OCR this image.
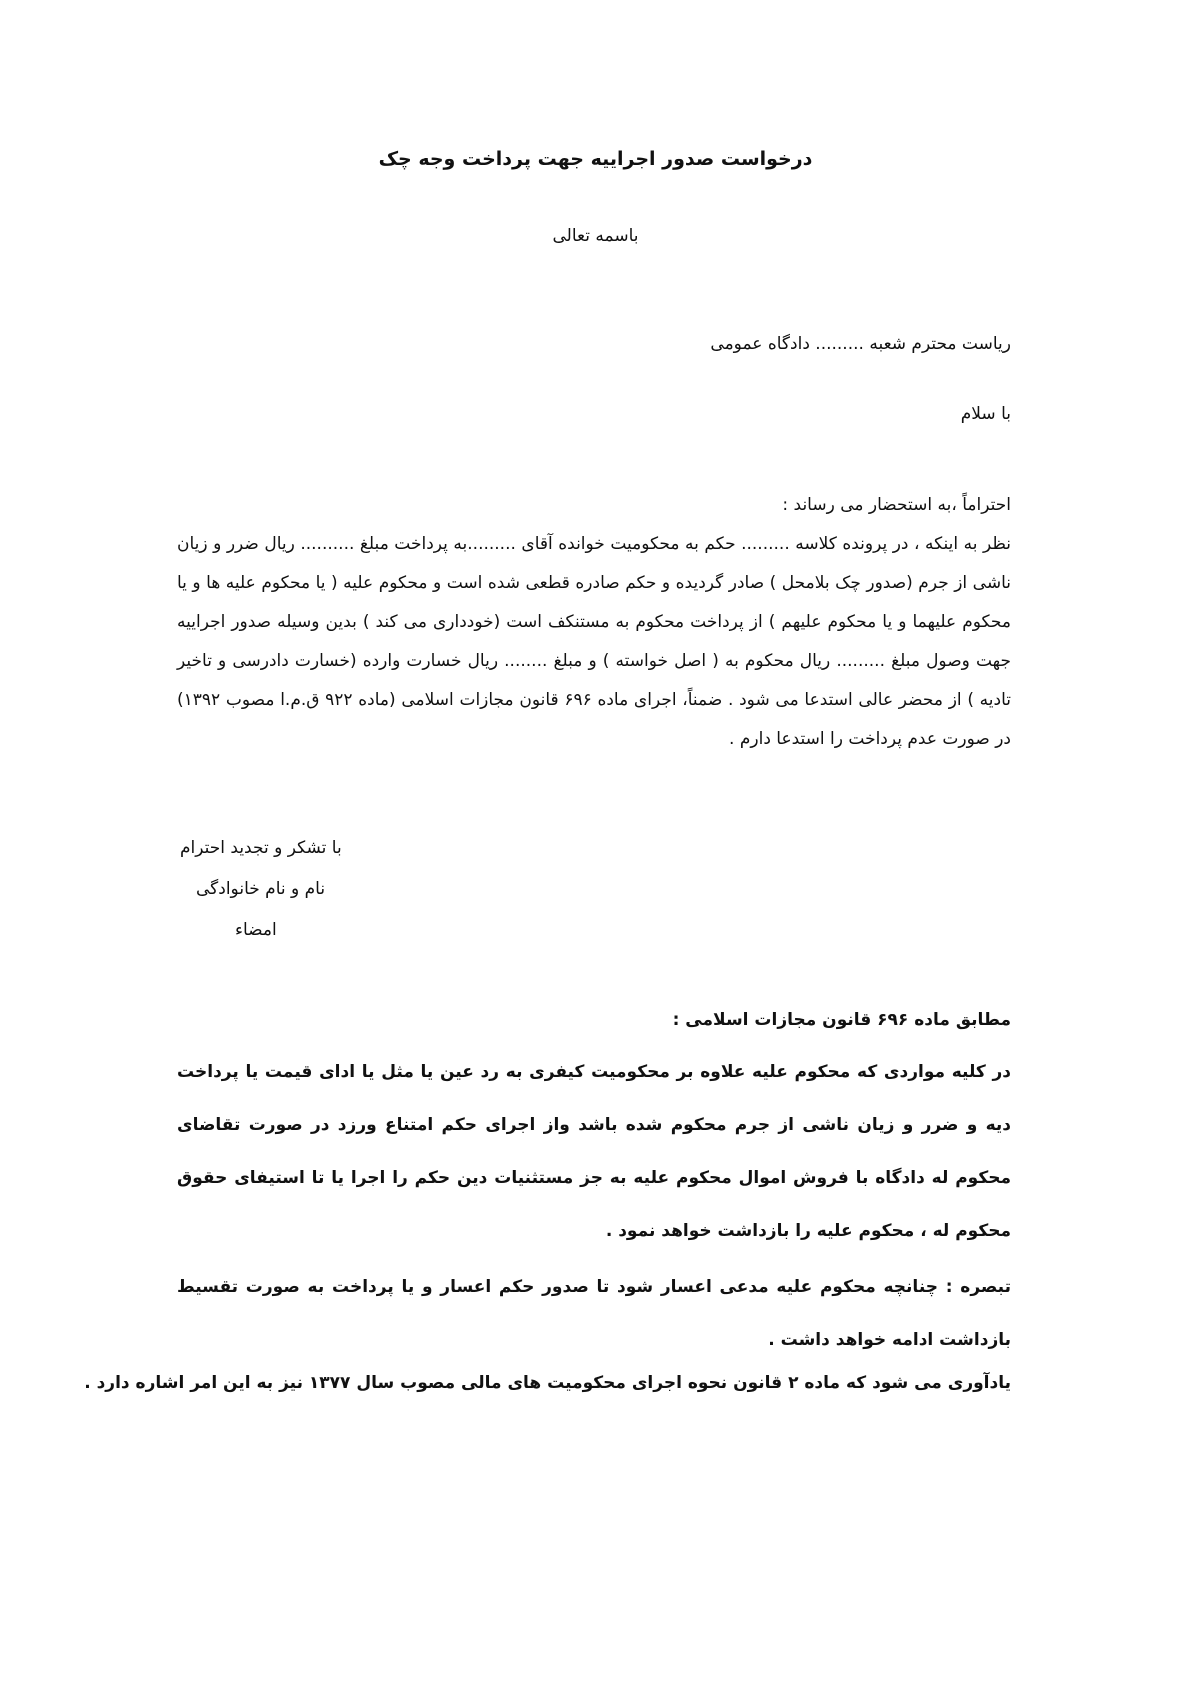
درخواست صدور اجراییه جهت پرداخت وجه چک
باسمه تعالی
ریاست محترم شعبه ......... دادگاه عمومی
با سلام
احتراماً ،به استحضار می رساند :
نظر به اینکه ، در پرونده کلاسه ......... حکم به محکومیت خوانده آقای .........به پرداخت مبلغ .......... ریال ضرر و زیان ناشی از جرم (صدور چک بلامحل ) صادر گردیده و حکم صادره قطعی شده است و محکوم علیه ( یا محکوم علیه ها و یا محکوم علیهما و یا محکوم علیهم ) از پرداخت محکوم به مستنکف است (خودداری می کند ) بدین وسیله صدور اجراییه جهت وصول مبلغ ......... ریال محکوم به ( اصل خواسته ) و مبلغ ........ ریال خسارت وارده (خسارت دادرسی و تاخیر تادیه ) از محضر عالی استدعا می شود . ضمناً، اجرای ماده ۶۹۶ قانون مجازات اسلامی (ماده ۹۲۲ ق.م.ا مصوب ۱۳۹۲) در صورت عدم پرداخت را استدعا دارم .
با تشکر و تجدید احترام
نام و نام خانوادگی
امضاء
مطابق ماده ۶۹۶ قانون مجازات اسلامی :
در کلیه مواردی که محکوم علیه علاوه بر محکومیت کیفری به رد عین یا مثل یا ادای قیمت یا پرداخت دیه و ضرر و زیان ناشی از جرم محکوم شده باشد واز اجرای حکم امتناع ورزد در صورت تقاضای محکوم له دادگاه با فروش اموال محکوم علیه به جز مستثنیات دین حکم را اجرا یا تا استیفای حقوق محکوم له ، محکوم علیه را بازداشت خواهد نمود .
تبصره : چنانچه محکوم علیه مدعی اعسار شود تا صدور حکم اعسار و یا پرداخت به صورت تقسیط بازداشت ادامه خواهد داشت .
یادآوری می شود که ماده ۲ قانون نحوه اجرای محکومیت های مالی مصوب سال ۱۳۷۷ نیز به این امر اشاره دارد .
